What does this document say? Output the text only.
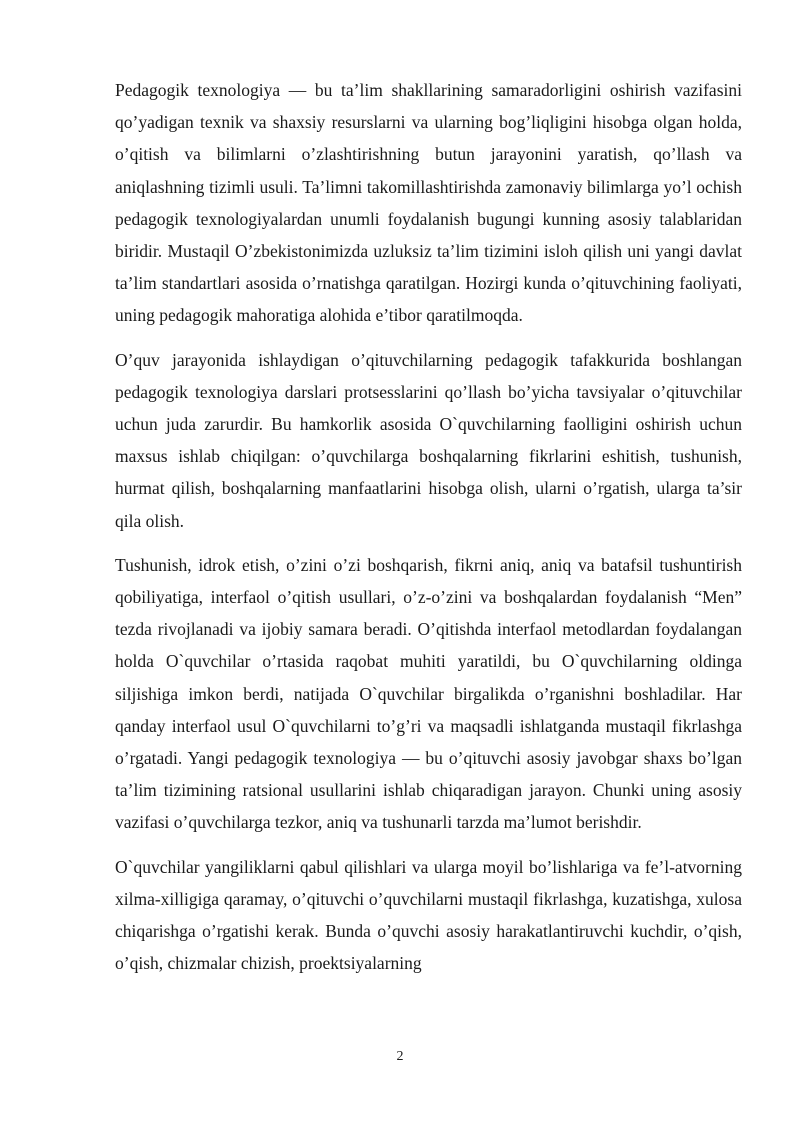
Pedagogik texnologiya — bu ta’lim shakllarining samaradorligini oshirish vazifasini qo’yadigan texnik va shaxsiy resurslarni va ularning bog’liqligini hisobga olgan holda, o’qitish va bilimlarni o’zlashtirishning butun jarayonini yaratish, qo’llash va aniqlashning tizimli usuli. Ta’limni takomillashtirishda zamonaviy bilimlarga yo’l ochish pedagogik texnologiyalardan unumli foydalanish bugungi kunning asosiy talablaridan biridir. Mustaqil O’zbekistonimizda uzluksiz ta’lim tizimini isloh qilish uni yangi davlat ta’lim standartlari asosida o’rnatishga qaratilgan. Hozirgi kunda o’qituvchining faoliyati, uning pedagogik mahoratiga alohida e’tibor qaratilmoqda.

O’quv jarayonida ishlaydigan o’qituvchilarning pedagogik tafakkurida boshlangan pedagogik texnologiya darslari protsesslarini qo’llash bo’yicha tavsiyalar o’qituvchilar uchun juda zarurdir. Bu hamkorlik asosida O`quvchilarning faolligini oshirish uchun maxsus ishlab chiqilgan: o’quvchilarga boshqalarning fikrlarini eshitish, tushunish, hurmat qilish, boshqalarning manfaatlarini hisobga olish, ularni o’rgatish, ularga ta’sir qila olish.

Tushunish, idrok etish, o’zini o’zi boshqarish, fikrni aniq, aniq va batafsil tushuntirish qobiliyatiga, interfaol o’qitish usullari, o’z-o’zini va boshqalardan foydalanish “Men” tezda rivojlanadi va ijobiy samara beradi. O’qitishda interfaol metodlardan foydalangan holda O`quvchilar o’rtasida raqobat muhiti yaratildi, bu O`quvchilarning oldinga siljishiga imkon berdi, natijada O`quvchilar birgalikda o’rganishni boshladilar. Har qanday interfaol usul O`quvchilarni to’g’ri va maqsadli ishlatganda mustaqil fikrlashga o’rgatadi. Yangi pedagogik texnologiya — bu o’qituvchi asosiy javobgar shaxs bo’lgan ta’lim tizimining ratsional usullarini ishlab chiqaradigan jarayon. Chunki uning asosiy vazifasi o’quvchilarga tezkor, aniq va tushunarli tarzda ma’lumot berishdir.

O`quvchilar yangiliklarni qabul qilishlari va ularga moyil bo’lishlariga va fe’l-atvorning xilma-xilligiga qaramay, o’qituvchi o’quvchilarni mustaqil fikrlashga, kuzatishga, xulosa chiqarishga o’rgatishi kerak. Bunda o’quvchi asosiy harakatlantiruvchi kuchdir, o’qish, o’qish, chizmalar chizish, proektsiyalarning

2
